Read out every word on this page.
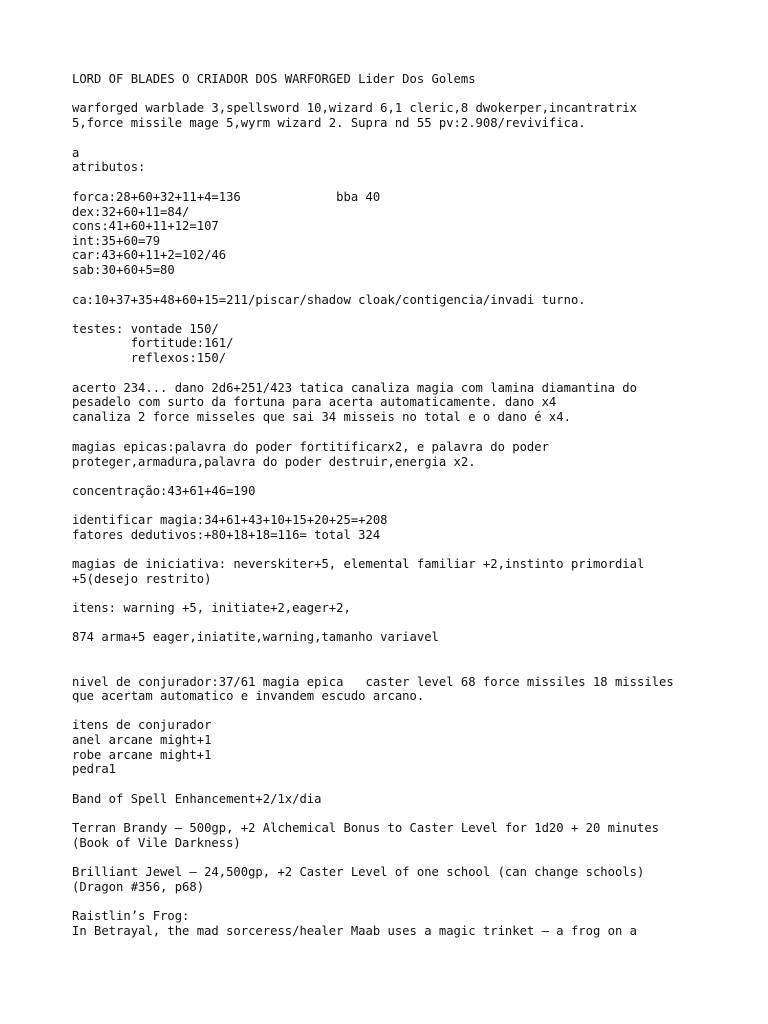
LORD OF BLADES O CRIADOR DOS WARFORGED Lider Dos Golems
warforged warblade 3,spellsword 10,wizard 6,1 cleric,8 dwokerper,incantratrix
5,force missile mage 5,wyrm wizard 2. Supra nd 55 pv:2.908/revivifica.
a
atributos:
forca:28+60+32+11+4=136             bba 40
dex:32+60+11=84/
cons:41+60+11+12=107
int:35+60=79
car:43+60+11+2=102/46
sab:30+60+5=80
ca:10+37+35+48+60+15=211/piscar/shadow cloak/contigencia/invadi turno.
testes: vontade 150/
fortitude:161/
reflexos:150/
acerto 234... dano 2d6+251/423 tatica canaliza magia com lamina diamantina do
pesadelo com surto da fortuna para acerta automaticamente. dano x4
canaliza 2 force misseles que sai 34 misseis no total e o dano é x4.
magias epicas:palavra do poder fortitificarx2, e palavra do poder
proteger,armadura,palavra do poder destruir,energia x2.
concentração:43+61+46=190
identificar magia:34+61+43+10+15+20+25=+208
fatores dedutivos:+80+18+18=116= total 324
magias de iniciativa: neverskiter+5, elemental familiar +2,instinto primordial
+5(desejo restrito)
itens: warning +5, initiate+2,eager+2,
874 arma+5 eager,iniatite,warning,tamanho variavel
nivel de conjurador:37/61 magia epica   caster level 68 force missiles 18 missiles
que acertam automatico e invandem escudo arcano.
itens de conjurador
anel arcane might+1
robe arcane might+1
pedra1
Band of Spell Enhancement+2/1x/dia
Terran Brandy – 500gp, +2 Alchemical Bonus to Caster Level for 1d20 + 20 minutes
(Book of Vile Darkness)
Brilliant Jewel – 24,500gp, +2 Caster Level of one school (can change schools)
(Dragon #356, p68)
Raistlin’s Frog:
In Betrayal, the mad sorceress/healer Maab uses a magic trinket — a frog on a
